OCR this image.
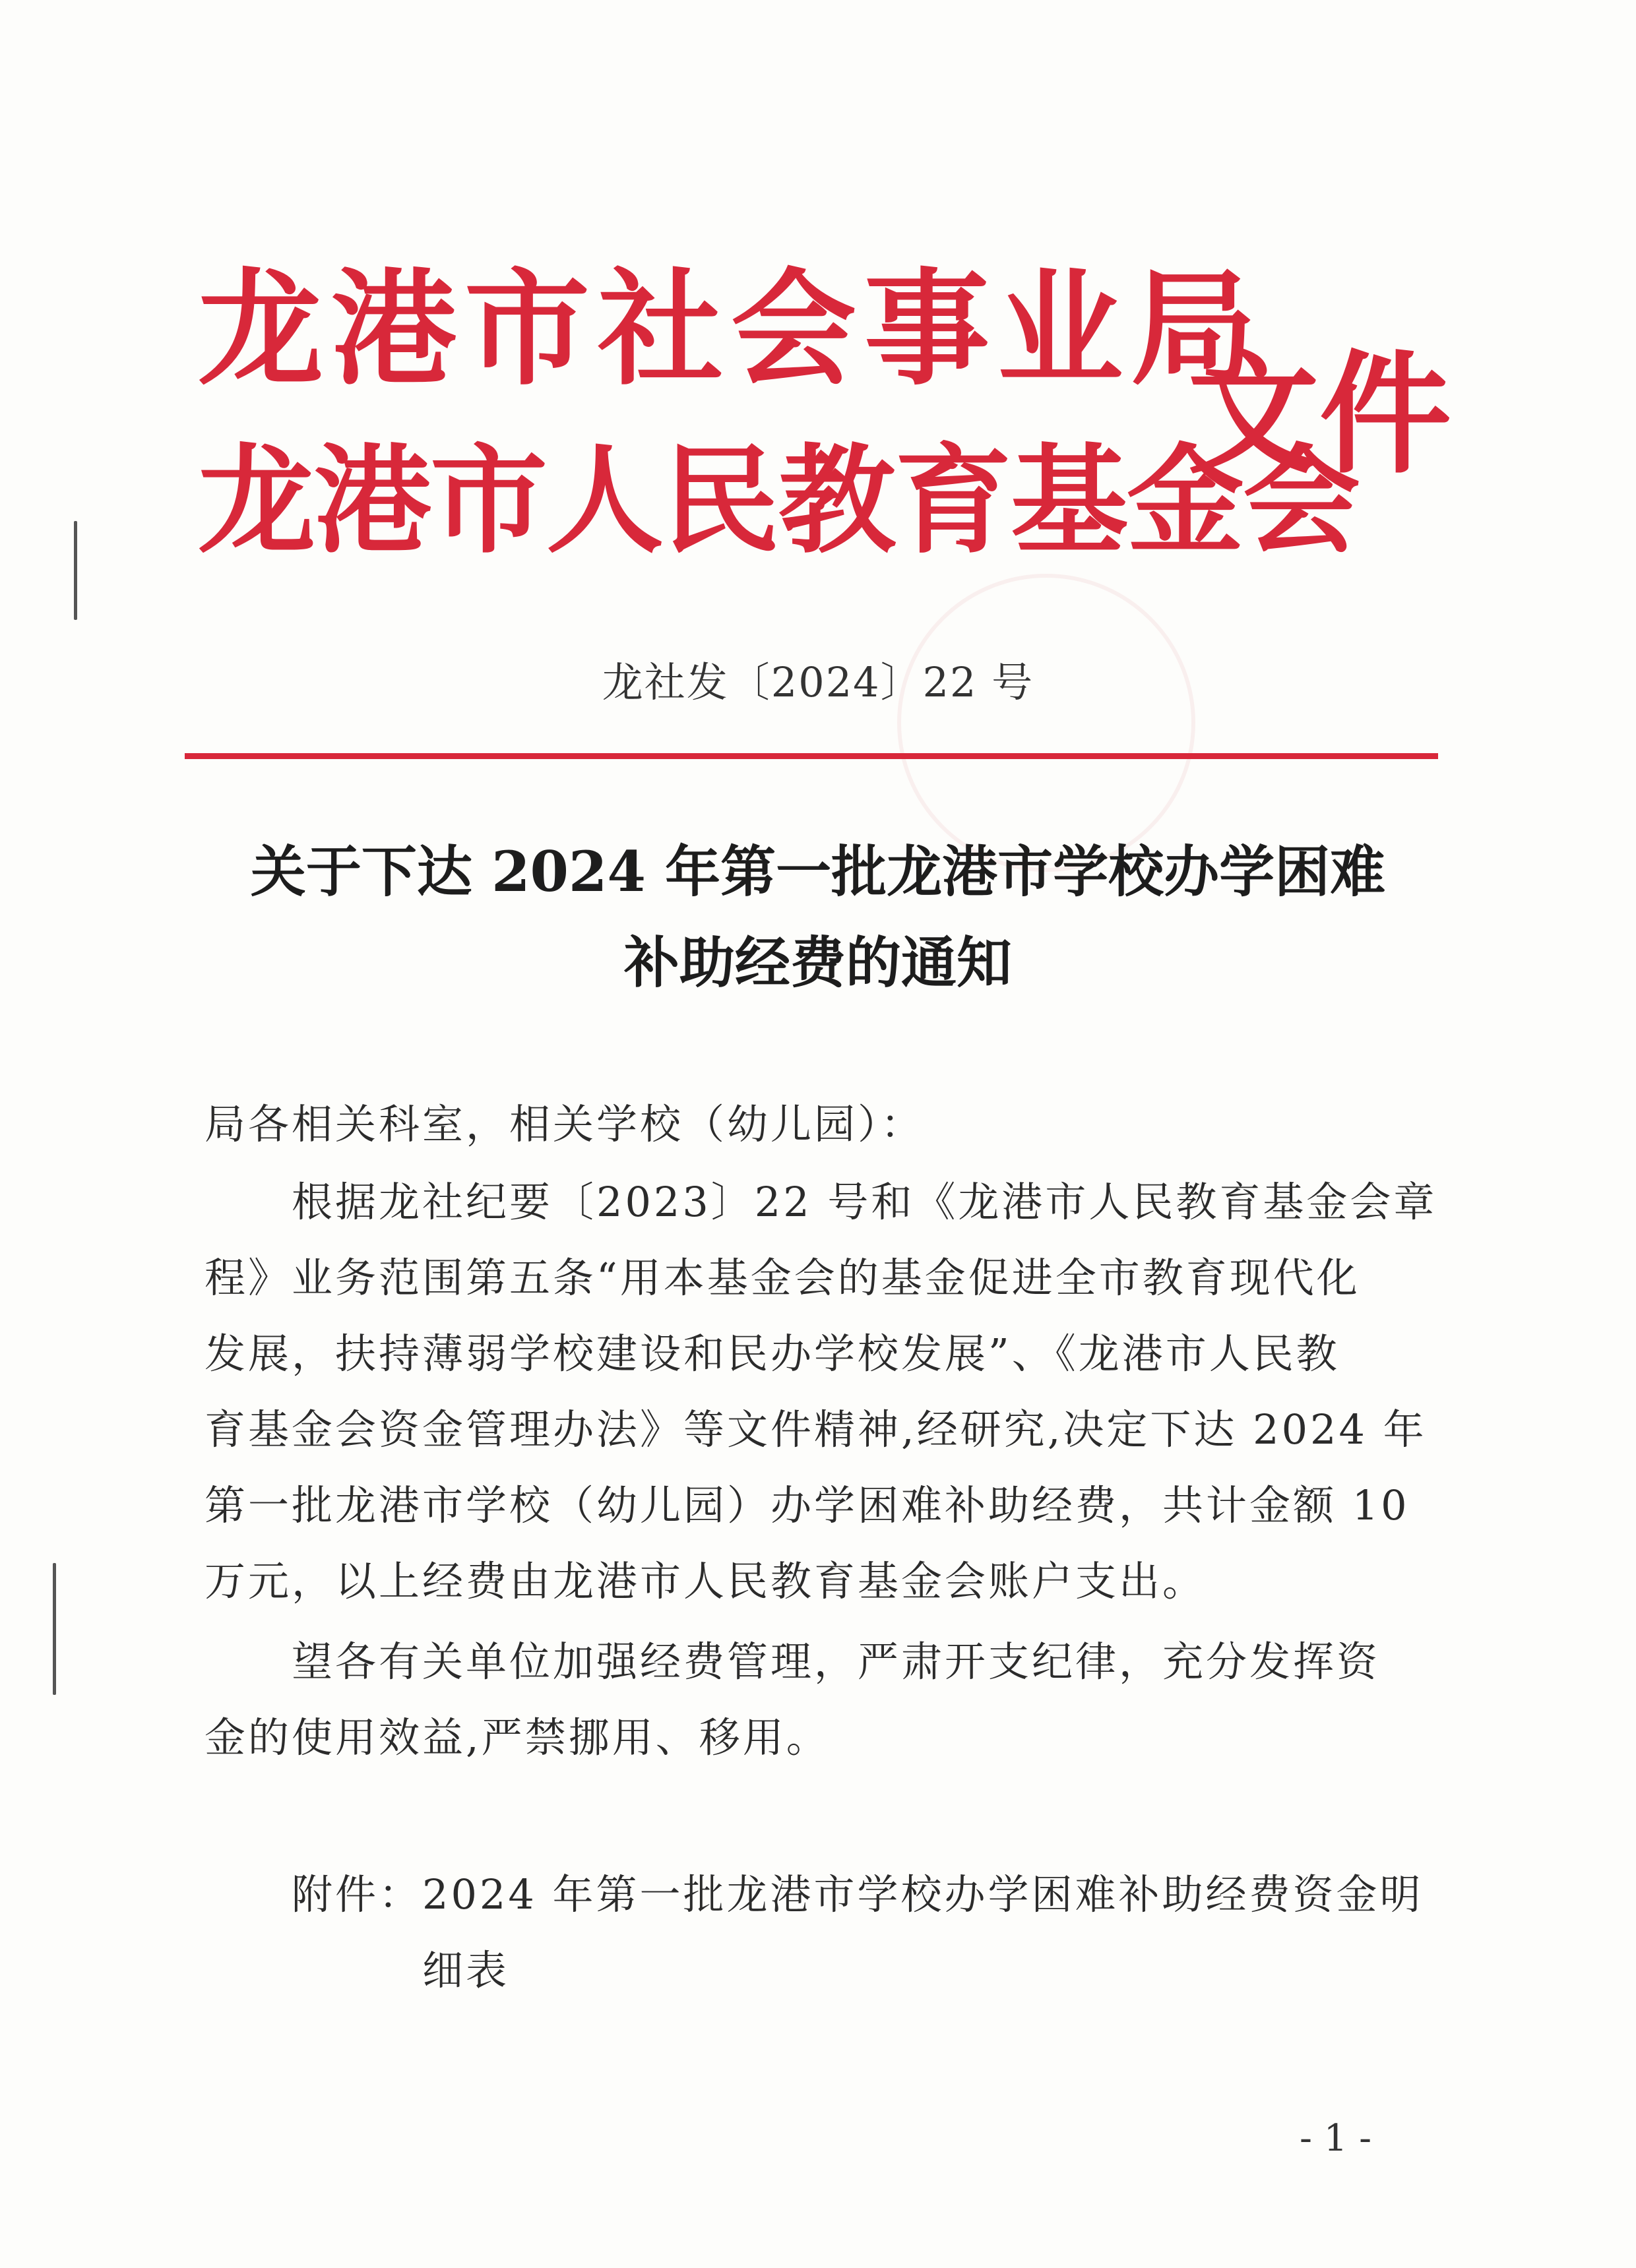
龙港市社会事业局
龙港市人民教育基金会
文件
龙社发〔2024〕22 号
关于下达 2024 年第一批龙港市学校办学困难
补助经费的通知
局各相关科室，相关学校（幼儿园）：
　　根据龙社纪要〔2023〕22 号和《龙港市人民教育基金会章
程》业务范围第五条“用本基金会的基金促进全市教育现代化
发展，扶持薄弱学校建设和民办学校发展”、《龙港市人民教
育基金会资金管理办法》等文件精神,经研究,决定下达 2024 年
第一批龙港市学校（幼儿园）办学困难补助经费，共计金额 10
万元，以上经费由龙港市人民教育基金会账户支出。
　　望各有关单位加强经费管理，严肃开支纪律，充分发挥资
金的使用效益,严禁挪用、移用。
　　附件：2024 年第一批龙港市学校办学困难补助经费资金明
　　　　　细表
- 1 -
